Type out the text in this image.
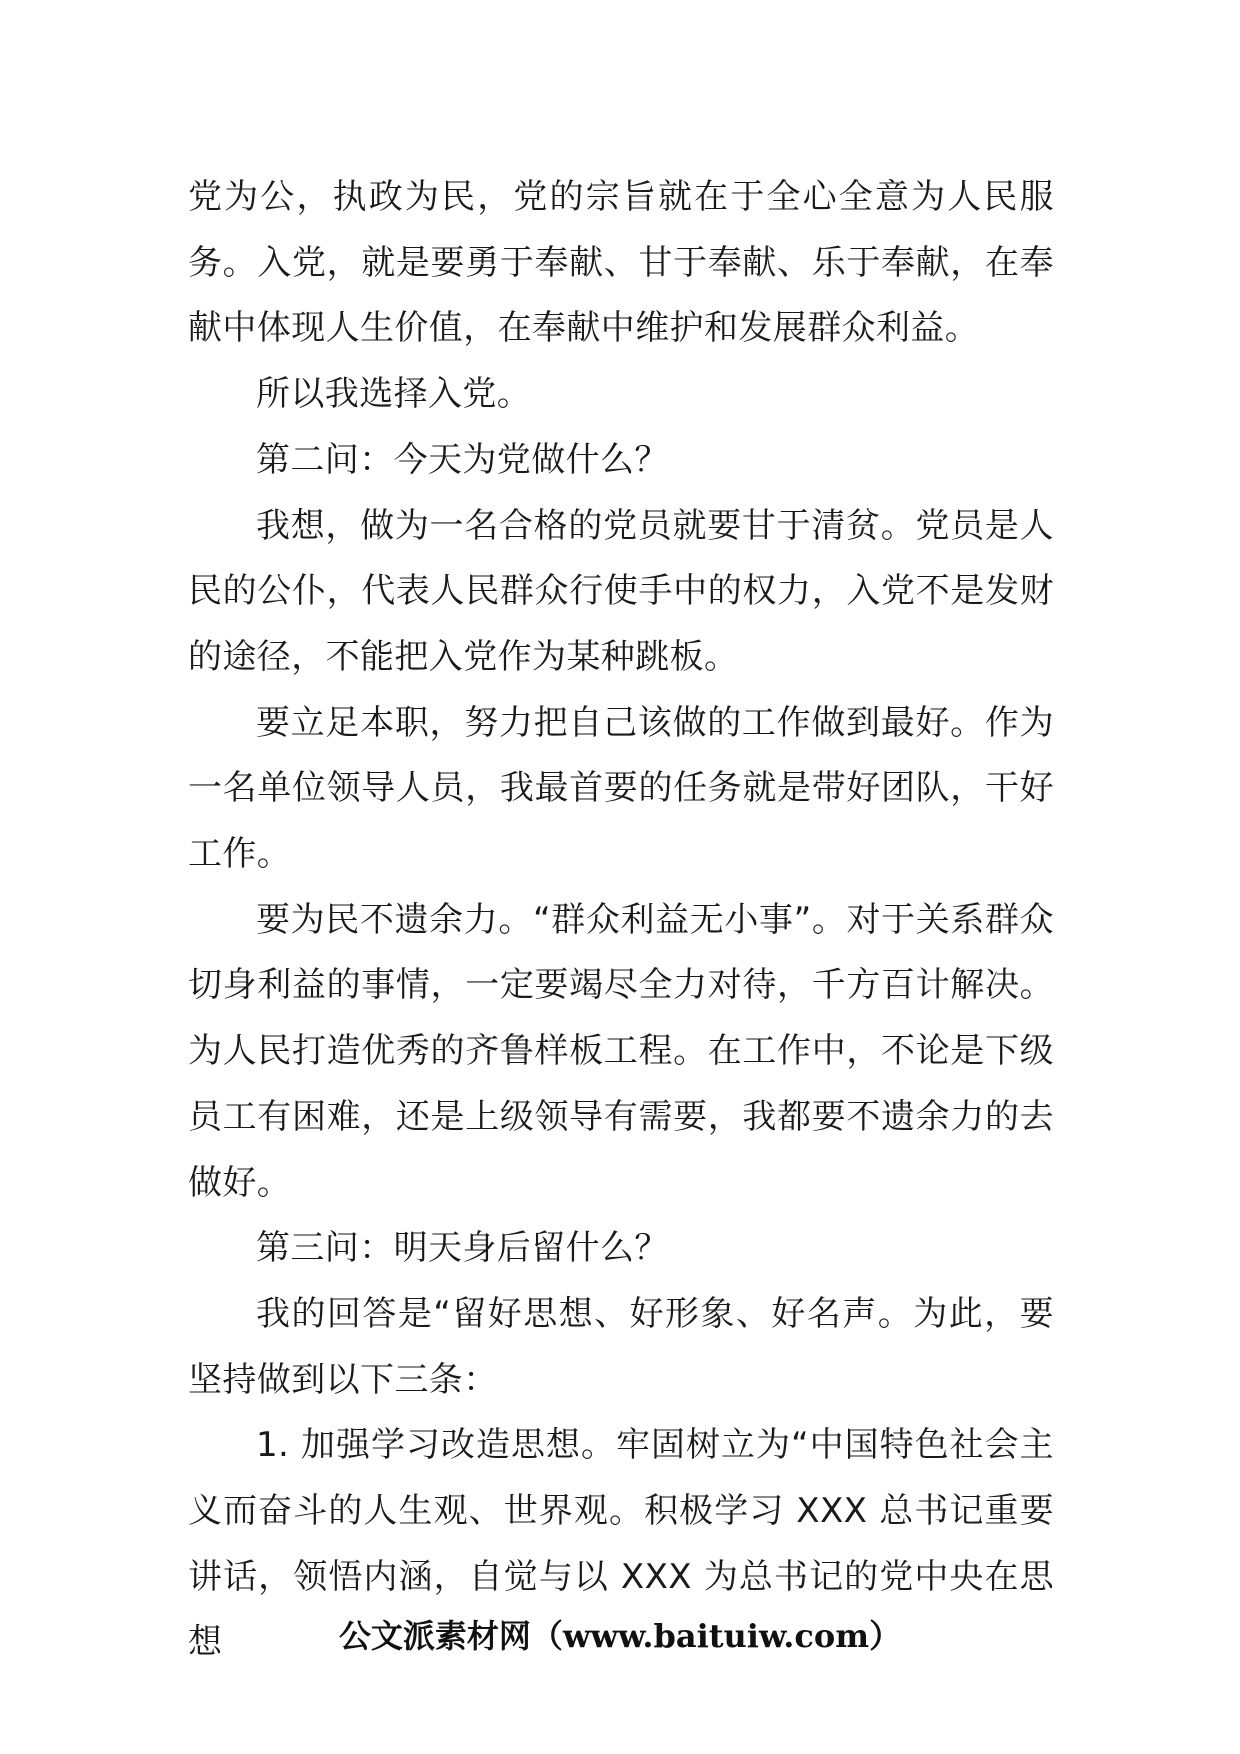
党为公，执政为民，党的宗旨就在于全心全意为人民服务。入党，就是要勇于奉献、甘于奉献、乐于奉献，在奉献中体现人生价值，在奉献中维护和发展群众利益。

所以我选择入党。

第二问：今天为党做什么？

我想，做为一名合格的党员就要甘于清贫。党员是人民的公仆，代表人民群众行使手中的权力，入党不是发财的途径，不能把入党作为某种跳板。

要立足本职，努力把自己该做的工作做到最好。作为一名单位领导人员，我最首要的任务就是带好团队，干好工作。

要为民不遗余力。“群众利益无小事”。对于关系群众切身利益的事情，一定要竭尽全力对待，千方百计解决。为人民打造优秀的齐鲁样板工程。在工作中，不论是下级员工有困难，还是上级领导有需要，我都要不遗余力的去做好。

第三问：明天身后留什么？

我的回答是“留好思想、好形象、好名声。为此，要坚持做到以下三条：

1. 加强学习改造思想。牢固树立为“中国特色社会主义而奋斗的人生观、世界观。积极学习 XXX 总书记重要讲话，领悟内涵，自觉与以 XXX 为总书记的党中央在思想	公文派素材网（www.baituiw.com）
